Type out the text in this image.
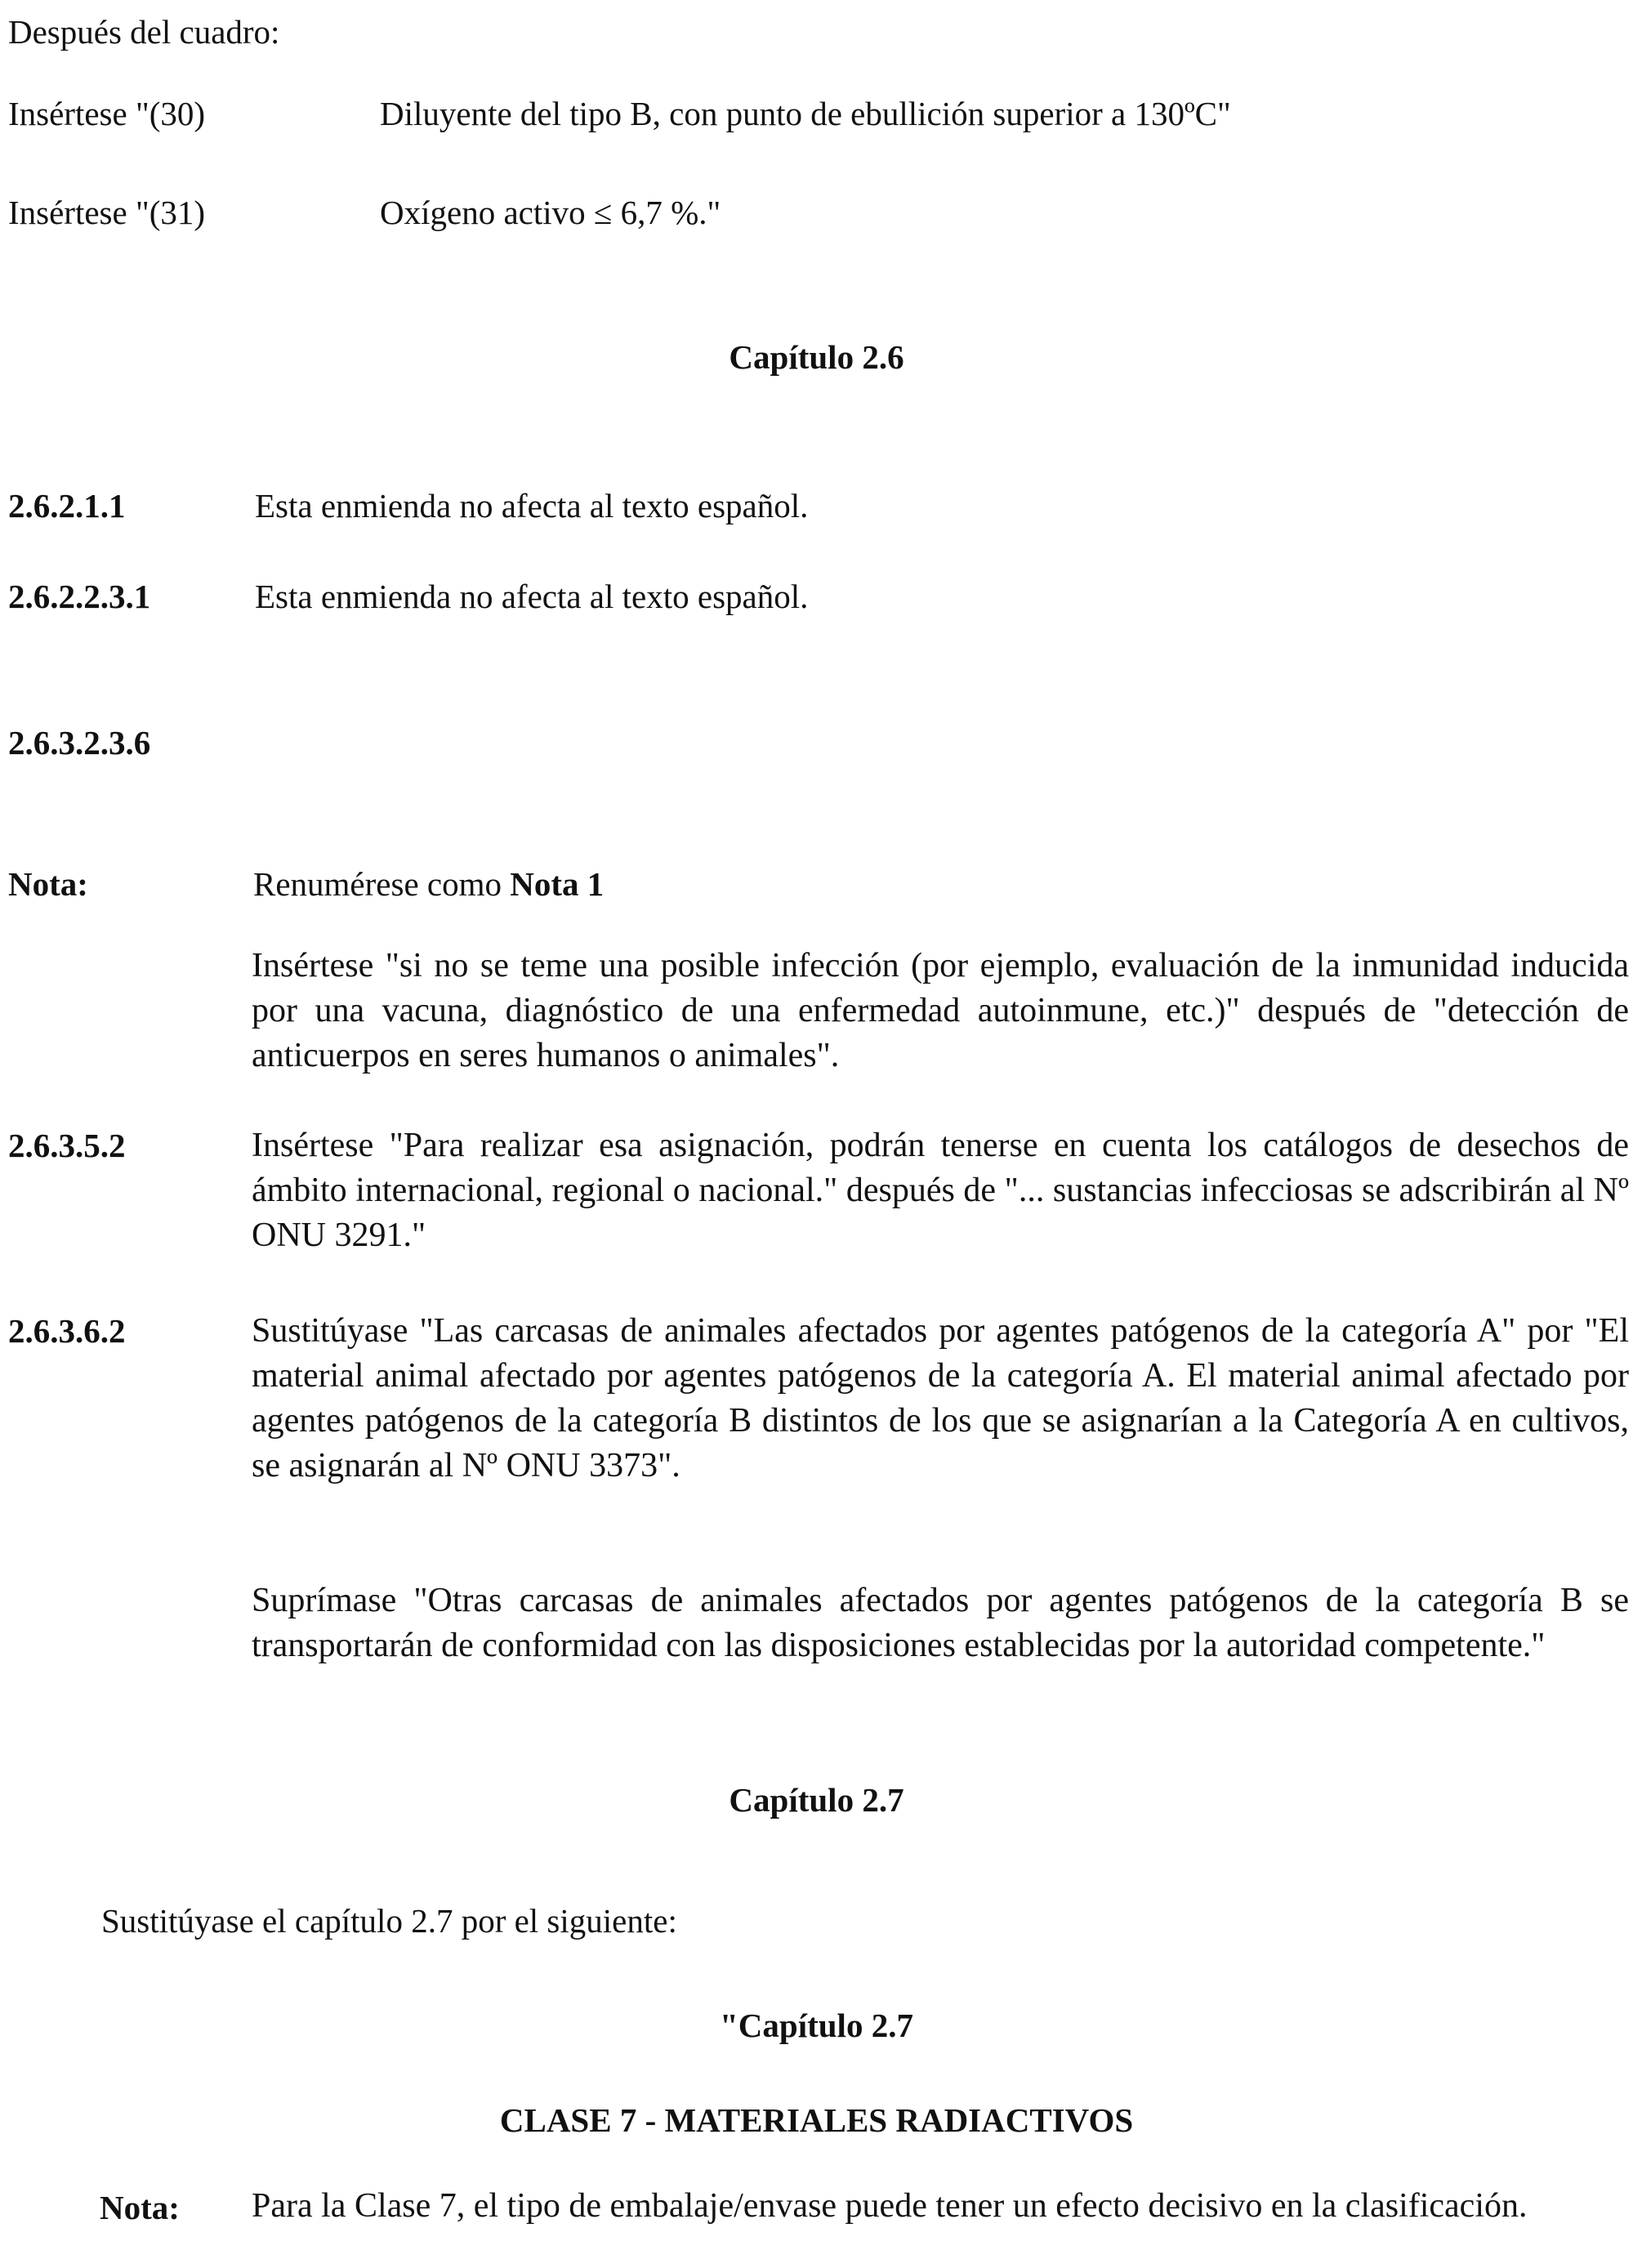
Después del cuadro:

Insértese "(30)	Diluyente del tipo B, con punto de ebullición superior a 130ºC"

Insértese "(31)	Oxígeno activo ≤ 6,7 %."

Capítulo 2.6

2.6.2.1.1	Esta enmienda no afecta al texto español.

2.6.2.2.3.1	Esta enmienda no afecta al texto español.

2.6.3.2.3.6

Nota:	Renumérese como Nota 1

Insértese "si no se teme una posible infección (por ejemplo, evaluación de la inmunidad inducida por una vacuna, diagnóstico de una enfermedad autoinmune, etc.)" después de "detección de anticuerpos en seres humanos o animales".

2.6.3.5.2	Insértese "Para realizar esa asignación, podrán tenerse en cuenta los catálogos de desechos de ámbito internacional, regional o nacional." después de "... sustancias infecciosas se adscribirán al Nº ONU 3291."

2.6.3.6.2	Sustitúyase "Las carcasas de animales afectados por agentes patógenos de la categoría A" por "El material animal afectado por agentes patógenos de la categoría A. El material animal afectado por agentes patógenos de la categoría B distintos de los que se asignarían a la Categoría A en cultivos, se asignarán al Nº ONU 3373".

Suprímase "Otras carcasas de animales afectados por agentes patógenos de la categoría B se transportarán de conformidad con las disposiciones establecidas por la autoridad competente."

Capítulo 2.7

Sustitúyase el capítulo 2.7 por el siguiente:

"Capítulo 2.7

CLASE 7 - MATERIALES RADIACTIVOS

Nota: Para la Clase 7, el tipo de embalaje/envase puede tener un efecto decisivo en la clasificación.
